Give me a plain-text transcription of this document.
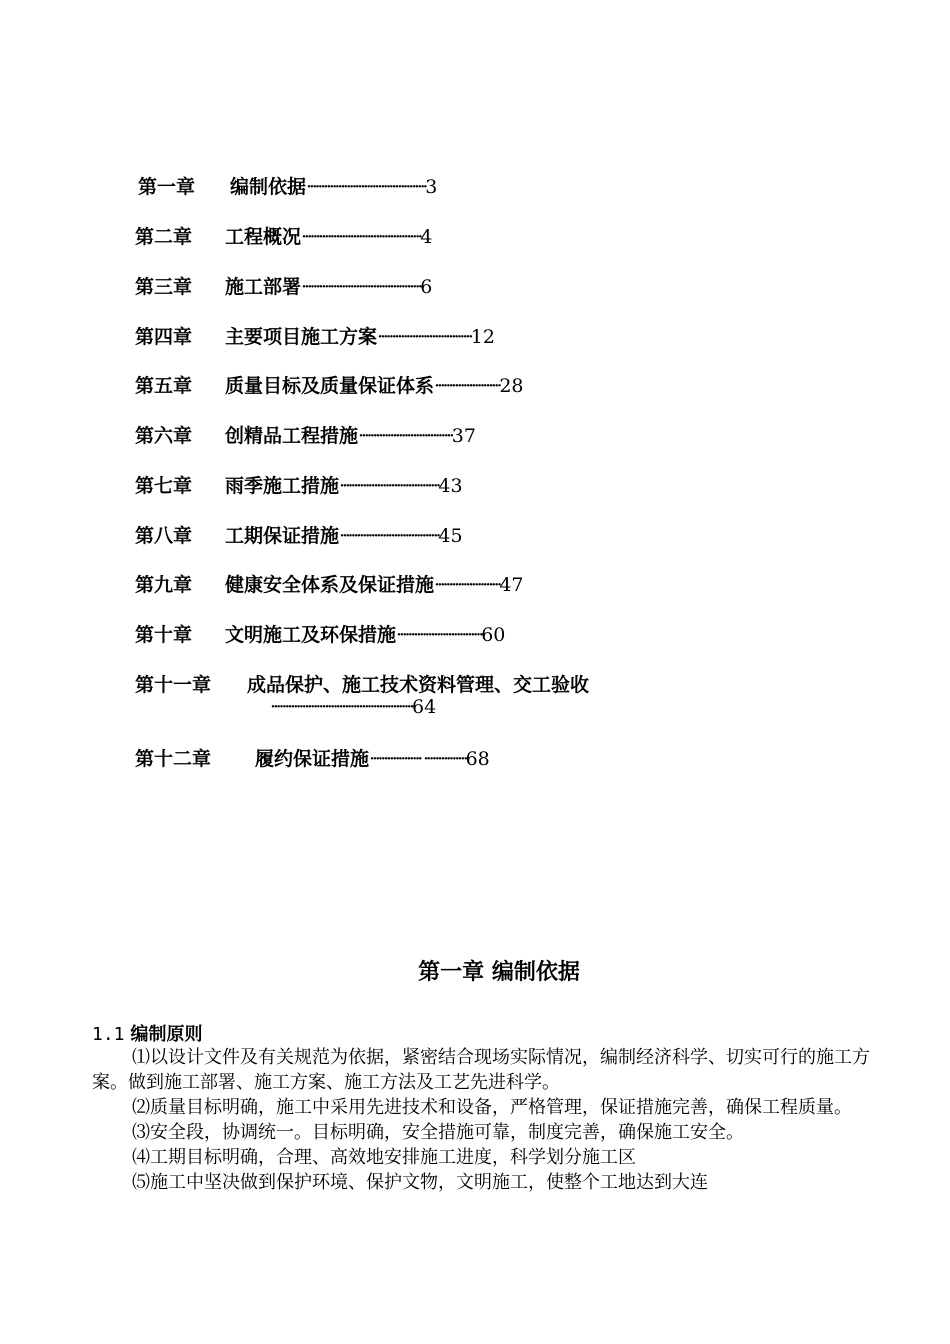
第一章	编制依据 ·········································· 3
第二章	工程概况 ·········································· 4
第三章	施工部署 ·········································· 6
第四章	主要项目施工方案 ································· 12
第五章	质量目标及质量保证体系 ······················· 28
第六章	创精品工程措施 ································· 37
第七章	雨季施工措施 ··································· 43
第八章	工期保证措施 ··································· 45
第九章	健康安全体系及保证措施 ······················· 47
第十章	文明施工及环保措施 ······························ 60
第十一章	成品保护、施工技术资料管理、交工验收
··················································64
第十二章	履约保证措施 ·················· ··············· 68
第一章 编制依据
1.1 编制原则

⑴以设计文件及有关规范为依据，紧密结合现场实际情况，编制经济科学、切实可行的施工方案。做到施工部署、施工方案、施工方法及工艺先进科学。

⑵质量目标明确，施工中采用先进技术和设备，严格管理，保证措施完善，确保工程质量。

⑶安全段，协调统一。目标明确，安全措施可靠，制度完善，确保施工安全。

⑷工期目标明确，合理、高效地安排施工进度，科学划分施工区

⑸施工中坚决做到保护环境、保护文物，文明施工，使整个工地达到大连
